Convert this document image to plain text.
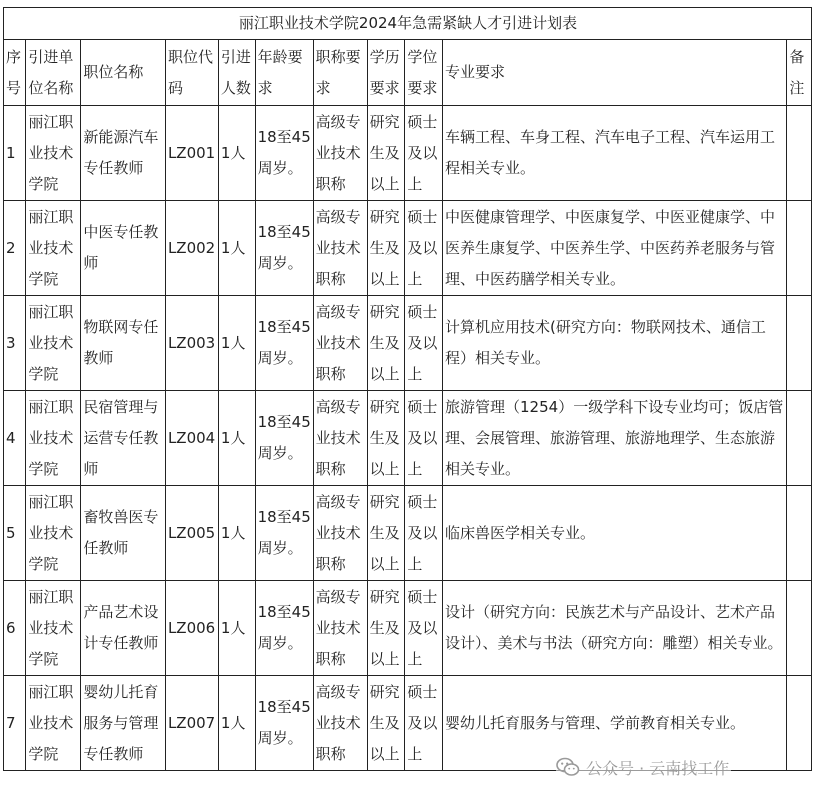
丽江职业技术学院2024年急需紧缺人才引进计划表										
序号	引进单位名称	职位名称	职位代码	引进人数	年龄要求	职称要求	学历要求	学位要求	专业要求	备注
1	丽江职业技术学院	新能源汽车专任教师	LZ001	1人	18至45周岁。	高级专业技术职称	研究生及以上	硕士及以上	车辆工程、车身工程、汽车电子工程、汽车运用工程相关专业。	
2	丽江职业技术学院	中医专任教师	LZ002	1人	18至45周岁。	高级专业技术职称	研究生及以上	硕士及以上	中医健康管理学、中医康复学、中医亚健康学、中医养生康复学、中医养生学、中医药养老服务与管理、中医药膳学相关专业。	
3	丽江职业技术学院	物联网专任教师	LZ003	1人	18至45周岁。	高级专业技术职称	研究生及以上	硕士及以上	计算机应用技术(研究方向：物联网技术、通信工程）相关专业。	
4	丽江职业技术学院	民宿管理与运营专任教师	LZ004	1人	18至45周岁。	高级专业技术职称	研究生及以上	硕士及以上	旅游管理（1254）一级学科下设专业均可；饭店管理、会展管理、旅游管理、旅游地理学、生态旅游相关专业。	
5	丽江职业技术学院	畜牧兽医专任教师	LZ005	1人	18至45周岁。	高级专业技术职称	研究生及以上	硕士及以上	临床兽医学相关专业。	
6	丽江职业技术学院	产品艺术设计专任教师	LZ006	1人	18至45周岁。	高级专业技术职称	研究生及以上	硕士及以上	设计（研究方向：民族艺术与产品设计、艺术产品设计）、美术与书法（研究方向：雕塑）相关专业。	
7	丽江职业技术学院	婴幼儿托育服务与管理专任教师	LZ007	1人	18至45周岁。	高级专业技术职称	研究生及以上	硕士及以上	婴幼儿托育服务与管理、学前教育相关专业。	
公众号 · 云南找工作
